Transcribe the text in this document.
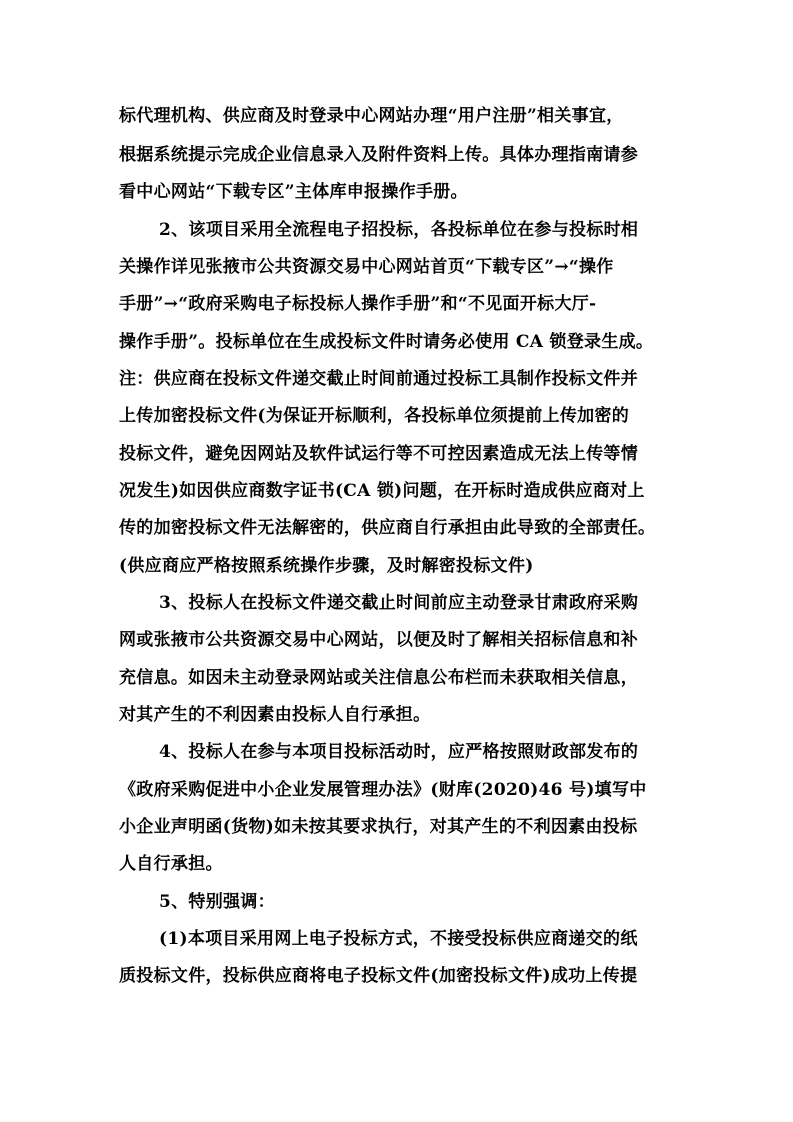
标代理机构、供应商及时登录中心网站办理“用户注册”相关事宜，
根据系统提示完成企业信息录入及附件资料上传。具体办理指南请参
看中心网站“下载专区”主体库申报操作手册。
2、该项目采用全流程电子招投标，各投标单位在参与投标时相
关操作详见张掖市公共资源交易中心网站首页“下载专区”→“操作
手册”→“政府采购电子标投标人操作手册”和“不见面开标大厅-
操作手册”。投标单位在生成投标文件时请务必使用 CA 锁登录生成。
注：供应商在投标文件递交截止时间前通过投标工具制作投标文件并
上传加密投标文件(为保证开标顺利，各投标单位须提前上传加密的
投标文件，避免因网站及软件试运行等不可控因素造成无法上传等情
况发生)如因供应商数字证书(CA 锁)问题，在开标时造成供应商对上
传的加密投标文件无法解密的，供应商自行承担由此导致的全部责任。
(供应商应严格按照系统操作步骤，及时解密投标文件)
3、投标人在投标文件递交截止时间前应主动登录甘肃政府采购
网或张掖市公共资源交易中心网站，以便及时了解相关招标信息和补
充信息。如因未主动登录网站或关注信息公布栏而未获取相关信息，
对其产生的不利因素由投标人自行承担。
4、投标人在参与本项目投标活动时，应严格按照财政部发布的
《政府采购促进中小企业发展管理办法》(财库(2020)46 号)填写中
小企业声明函(货物)如未按其要求执行，对其产生的不利因素由投标
人自行承担。
5、特别强调：
(1)本项目采用网上电子投标方式，不接受投标供应商递交的纸
质投标文件，投标供应商将电子投标文件(加密投标文件)成功上传提
